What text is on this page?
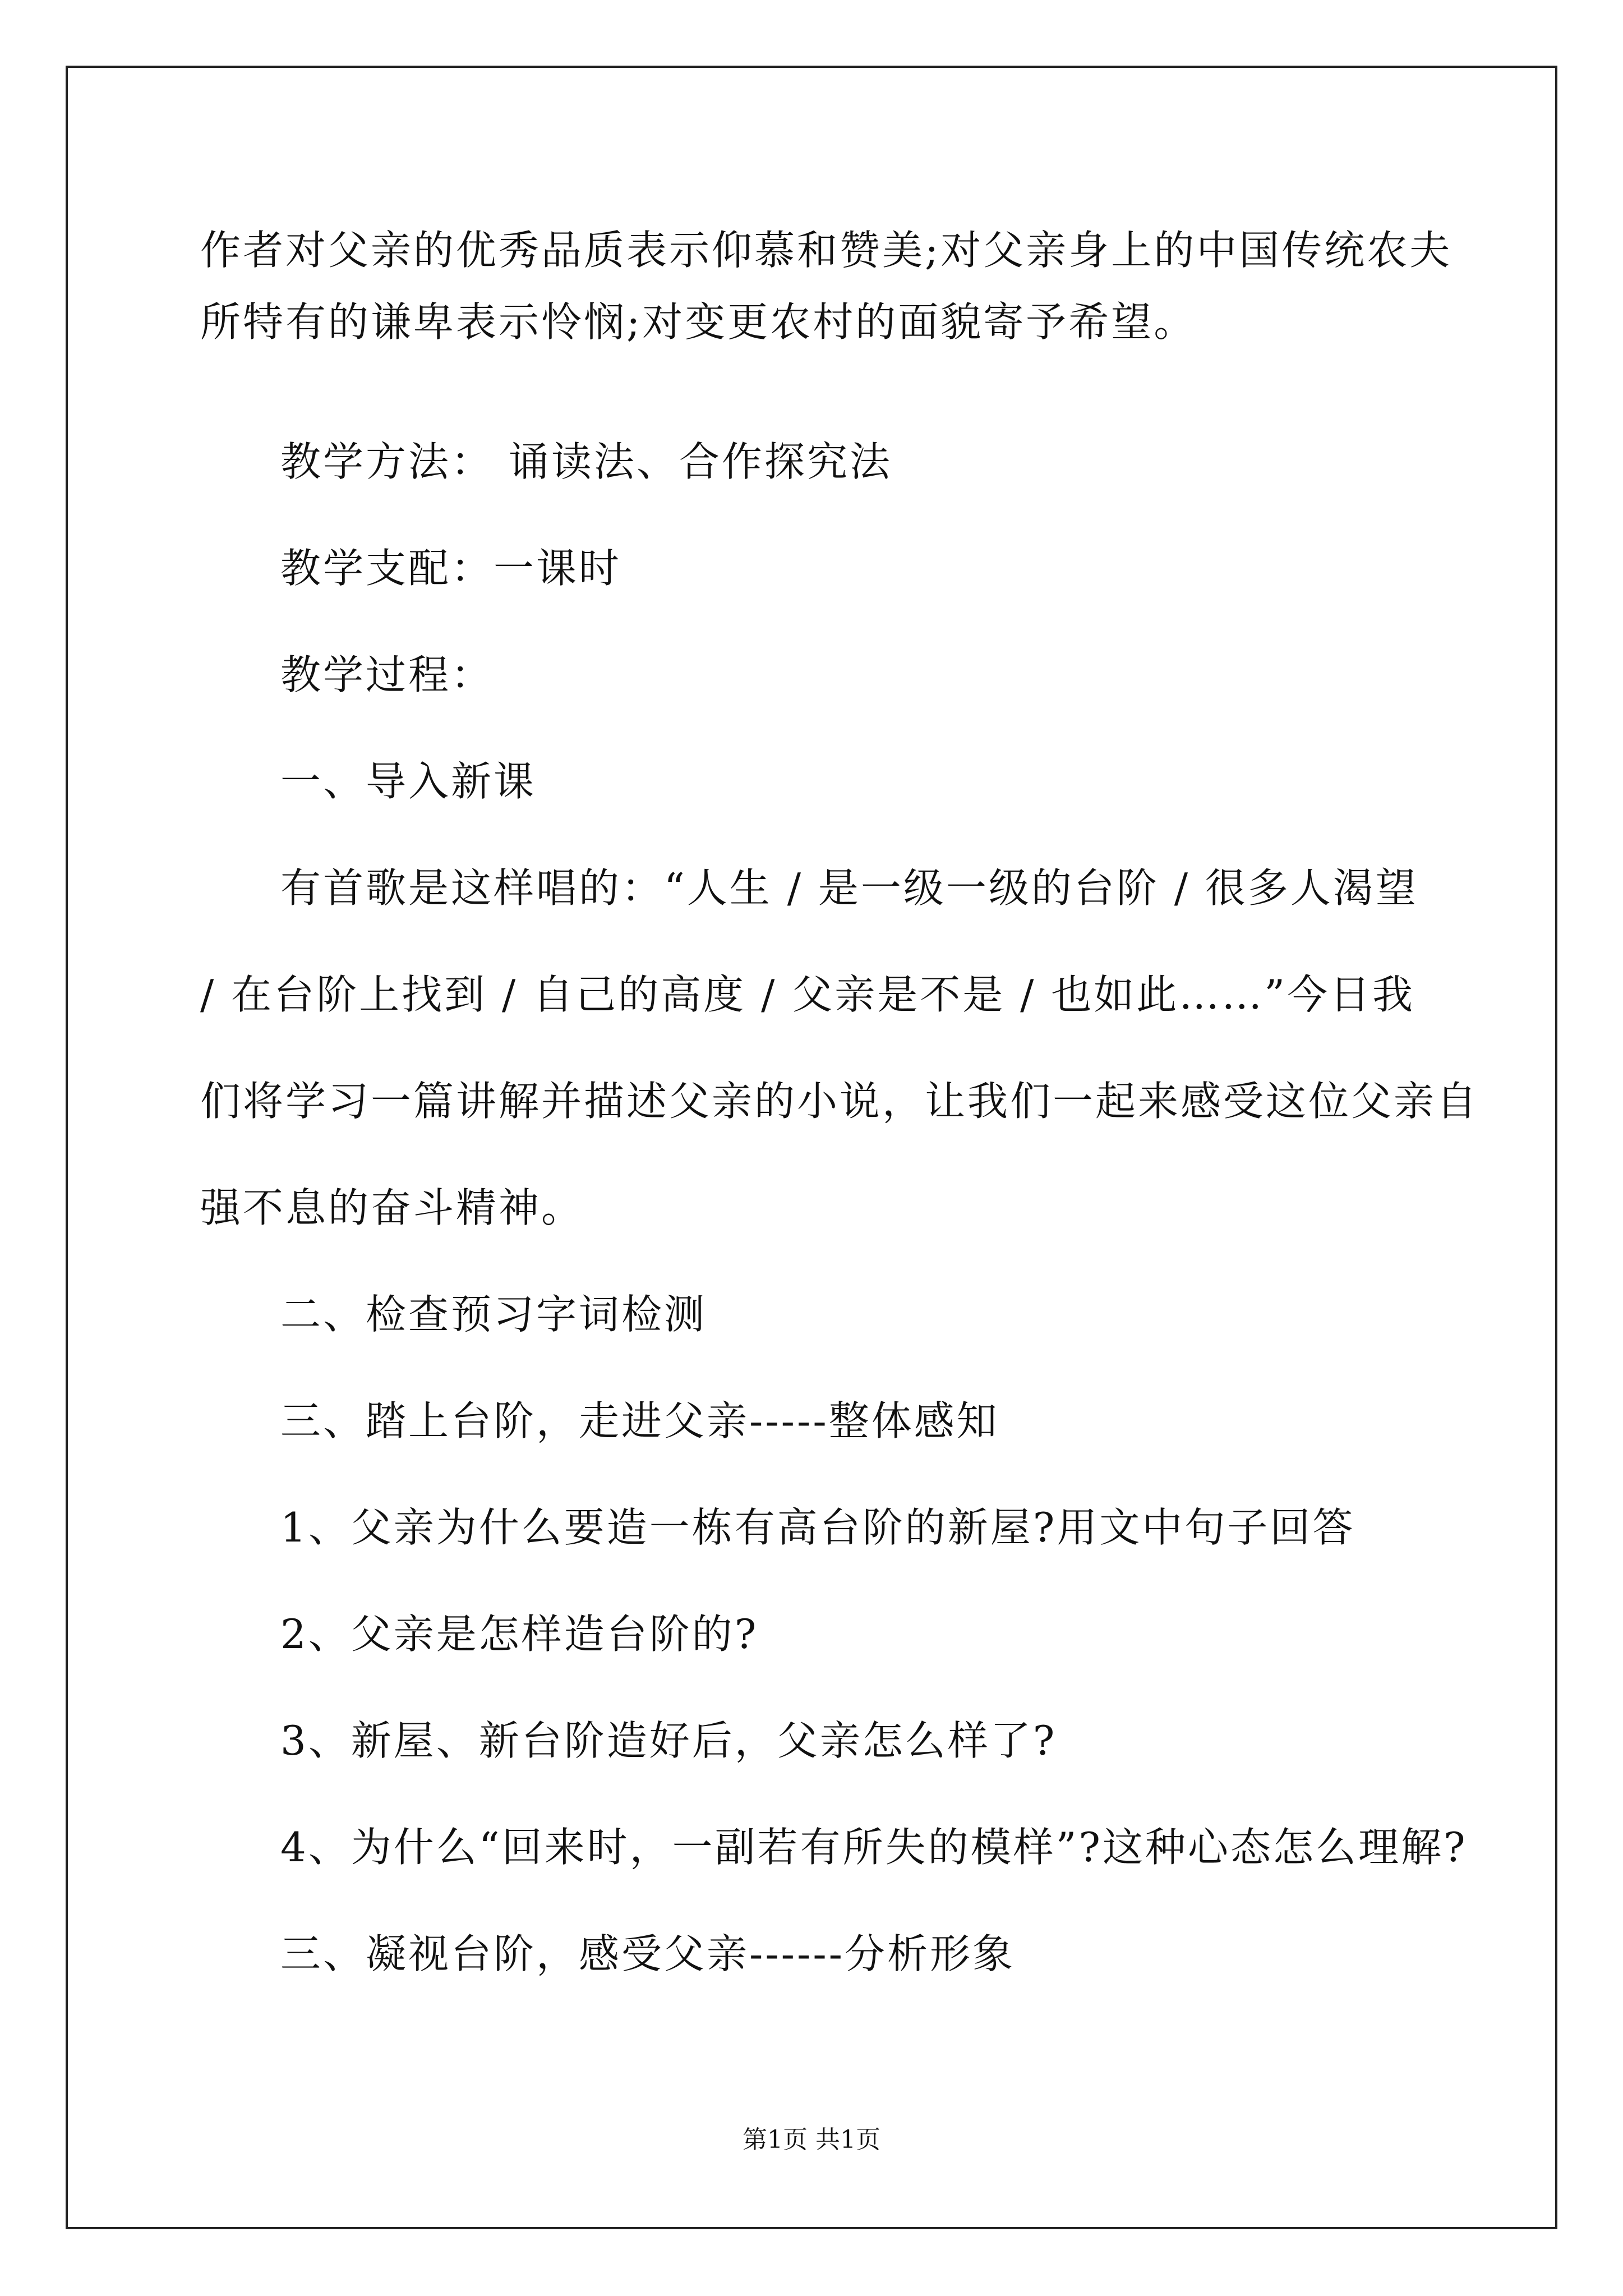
作者对父亲的优秀品质表示仰慕和赞美;对父亲身上的中国传统农夫
所特有的谦卑表示怜悯;对变更农村的面貌寄予希望。
教学方法： 诵读法、合作探究法
教学支配：一课时
教学过程：
一、导入新课
有首歌是这样唱的：“人生 / 是一级一级的台阶 / 很多人渴望
/ 在台阶上找到 / 自己的高度 / 父亲是不是 / 也如此……”今日我
们将学习一篇讲解并描述父亲的小说，让我们一起来感受这位父亲自
强不息的奋斗精神。
二、检查预习字词检测
三、踏上台阶，走进父亲-----整体感知
1、父亲为什么要造一栋有高台阶的新屋?用文中句子回答
2、父亲是怎样造台阶的?
3、新屋、新台阶造好后，父亲怎么样了?
4、为什么“回来时，一副若有所失的模样”?这种心态怎么理解?
三、凝视台阶，感受父亲------分析形象
第1页 共1页
